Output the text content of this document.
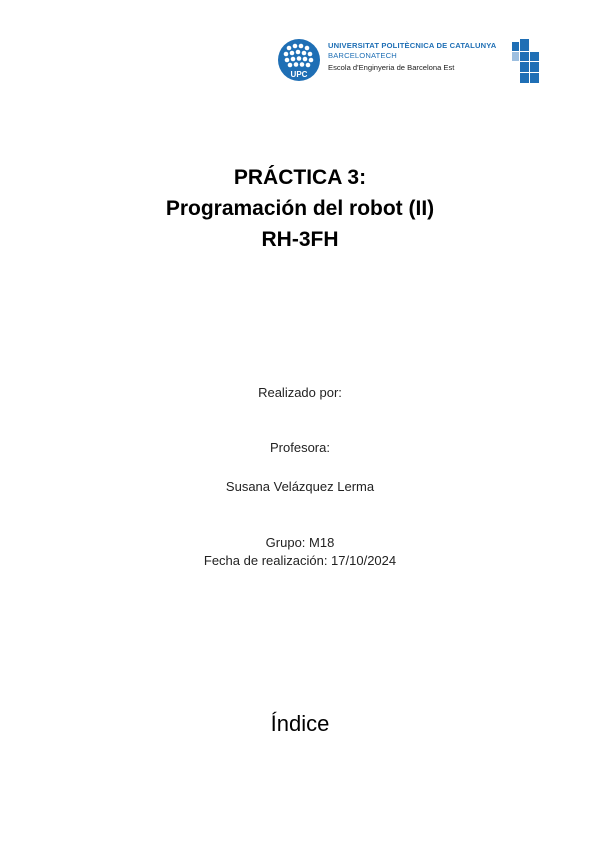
UPC
UNIVERSITAT POLITÈCNICA DE CATALUNYA
BARCELONATECH
Escola d'Enginyeria de Barcelona Est
PRÁCTICA 3:
Programación del robot (II)
RH-3FH
Realizado por:
Profesora:
Susana Velázquez Lerma
Grupo: M18
Fecha de realización: 17/10/2024
Índice
